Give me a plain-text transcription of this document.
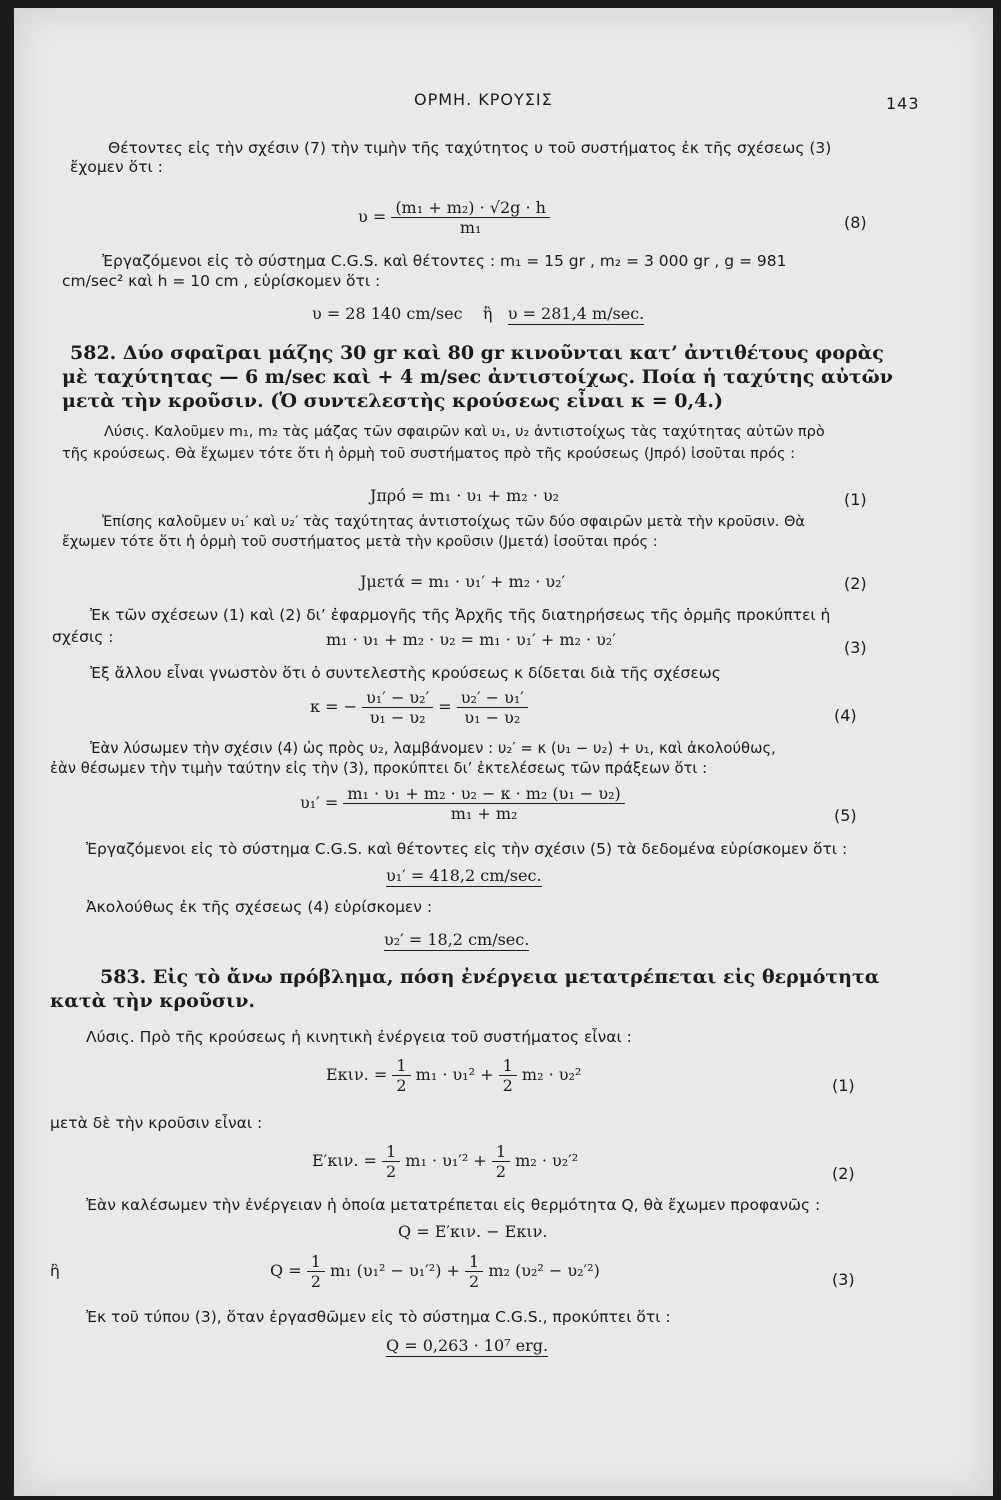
ΟΡΜΗ. ΚΡΟΥΣΙΣ	143
Θέτοντες εἰς τὴν σχέσιν (7) τὴν τιμὴν τῆς ταχύτητος υ τοῦ συστήματος ἐκ τῆς σχέσεως (3)
ἔχομεν ὅτι :
$\upsilon = \frac{\text{(m₁ + m₂) · √2g · h}}{\text{m₁}}$	(8)
Ἐργαζόμενοι εἰς τὸ σύστημα C.G.S. καὶ θέτοντες : m₁ = 15 gr , m₂ = 3 000 gr , g = 981
cm/sec² καὶ h = 10 cm , εὑρίσκομεν ὅτι :
υ = 28 140 cm/sec ἢ υ = 281,4 m/sec.
582. Δύο σφαῖραι μάζης 30 gr καὶ 80 gr κινοῦνται κατ’ ἀντιθέτους φορὰς
μὲ ταχύτητας — 6 m/sec καὶ + 4 m/sec ἀντιστοίχως. Ποία ἡ ταχύτης αὐτῶν
μετὰ τὴν κροῦσιν. (Ὁ συντελεστὴς κρούσεως εἶναι κ = 0,4.)
Λύσις. Καλοῦμεν m₁, m₂ τὰς μάζας τῶν σφαιρῶν καὶ υ₁, υ₂ ἀντιστοίχως τὰς ταχύτητας αὐτῶν πρὸ
τῆς κρούσεως. Θὰ ἔχωμεν τότε ὅτι ἡ ὁρμὴ τοῦ συστήματος πρὸ τῆς κρούσεως (Jπρό) ἰσοῦται πρός :
Jπρό = m₁ · υ₁ + m₂ · υ₂	(1)
Ἐπίσης καλοῦμεν υ₁′ καὶ υ₂′ τὰς ταχύτητας ἀντιστοίχως τῶν δύο σφαιρῶν μετὰ τὴν κροῦσιν. Θὰ
ἔχωμεν τότε ὅτι ἡ ὁρμὴ τοῦ συστήματος μετὰ τὴν κροῦσιν (Jμετά) ἰσοῦται πρός :
Jμετά = m₁ · υ₁′ + m₂ · υ₂′	(2)
Ἐκ τῶν σχέσεων (1) καὶ (2) δι’ ἐφαρμογῆς τῆς Ἀρχῆς τῆς διατηρήσεως τῆς ὁρμῆς προκύπτει ἡ
σχέσις :	m₁ · υ₁ + m₂ · υ₂ = m₁ · υ₁′ + m₂ · υ₂′	(3)
Ἐξ ἄλλου εἶναι γνωστὸν ὅτι ὁ συντελεστὴς κρούσεως κ δίδεται διὰ τῆς σχέσεως
κ = − $\frac{\text{υ₁′ − υ₂′}}{\text{υ₁ − υ₂}} = \frac{\text{υ₂′ − υ₁′}}{\text{υ₁ − υ₂}}$	(4)
Ἐὰν λύσωμεν τὴν σχέσιν (4) ὡς πρὸς υ₂, λαμβάνομεν : υ₂′ = κ (υ₁ − υ₂) + υ₁, καὶ ἀκολούθως,
ἐὰν θέσωμεν τὴν τιμὴν ταύτην εἰς τὴν (3), προκύπτει δι’ ἐκτελέσεως τῶν πράξεων ὅτι :
$\upsilon_1' = \frac{\text{m₁ · υ₁ + m₂ · υ₂ − κ · m₂ (υ₁ − υ₂)}}{\text{m₁ + m₂}}$	(5)
Ἐργαζόμενοι εἰς τὸ σύστημα C.G.S. καὶ θέτοντες εἰς τὴν σχέσιν (5) τὰ δεδομένα εὑρίσκομεν ὅτι :
υ₁′ = 418,2 cm/sec.
Ἀκολούθως ἐκ τῆς σχέσεως (4) εὑρίσκομεν :
υ₂′ = 18,2 cm/sec.
583. Εἰς τὸ ἄνω πρόβλημα, πόση ἐνέργεια μετατρέπεται εἰς θερμότητα
κατὰ τὴν κροῦσιν.
Λύσις. Πρὸ τῆς κρούσεως ἡ κινητικὴ ἐνέργεια τοῦ συστήματος εἶναι :
Eκιν. = $\frac{1}{2} m_1 \cdot \upsilon_1^2 + \frac{1}{2} m_2 \cdot \upsilon_2^2$
(1)
μετὰ δὲ τὴν κροῦσιν εἶναι :
E′κιν. = $\frac{1}{2} m_1 \cdot \upsilon_1'^2 + \frac{1}{2} m_2 \cdot \upsilon_2'^2$
(2)
Ἐὰν καλέσωμεν τὴν ἐνέργειαν ἡ ὁποία μετατρέπεται εἰς θερμότητα Q, θὰ ἔχωμεν προφανῶς :
Q = E′κιν. − Eκιν.
ἢ	$Q = \frac{1}{2} m_1$ $(\upsilon_1^2 - \upsilon_1'^2) + \frac{1}{2} m_2$ (υ₂² − υ₂′²)	(3)
Ἐκ τοῦ τύπου (3), ὅταν ἐργασθῶμεν εἰς τὸ σύστημα C.G.S., προκύπτει ὅτι :
Q = 0,263 · 10⁷ erg.
